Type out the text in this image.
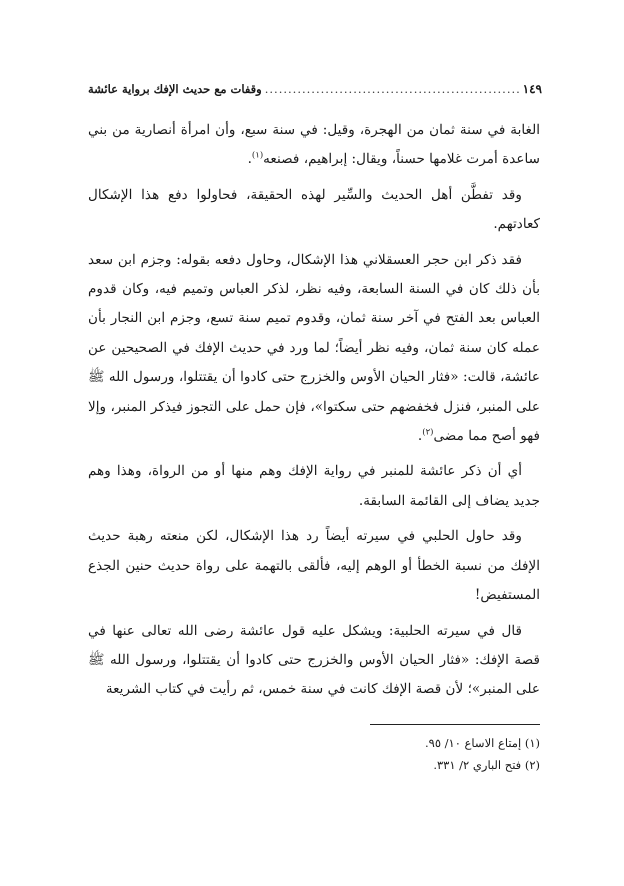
وقفات مع حديث الإفك برواية عائشة
.....	١٤٩

الغابة في سنة ثمان من الهجرة، وقيل: في سنة سبع، وأن امرأة أنصارية من بني ساعدة أمرت غلامها حسناً، ويقال: إبراهيم، فصنعه$^{(١)}$.

وقد تفطَّن أهل الحديث والسِّير لهذه الحقيقة، فحاولوا دفع هذا الإشكال كعادتهم.

فقد ذكر ابن حجر العسقلاني هذا الإشكال، وحاول دفعه بقوله: وجزم ابن سعد بأن ذلك كان في السنة السابعة، وفيه نظر، لذكر العباس وتميم فيه، وكان قدوم العباس بعد الفتح في آخر سنة ثمان، وقدوم تميم سنة تسع، وجزم ابن النجار بأن عمله كان سنة ثمان، وفيه نظر أيضاً؛ لما ورد في حديث الإفك في الصحيحين عن عائشة، قالت: «فثار الحيان الأوس والخزرج حتى كادوا أن يقتتلوا، ورسول الله ﷺ على المنبر، فنزل فخفضهم حتى سكتوا»، فإن حمل على التجوز فيذكر المنبر، وإلا فهو أصح مما مضى$^{(٢)}$.

أي أن ذكر عائشة للمنبر في رواية الإفك وهم منها أو من الرواة، وهذا وهم جديد يضاف إلى القائمة السابقة.

وقد حاول الحلبي في سيرته أيضاً رد هذا الإشكال، لكن منعته رهبة حديث الإفك من نسبة الخطأ أو الوهم إليه، فألقى بالتهمة على رواة حديث حنين الجذع المستفيض!

قال في سيرته الحلبية: ويشكل عليه قول عائشة رضى الله تعالى عنها في قصة الإفك: «فثار الحيان الأوس والخزرج حتى كادوا أن يقتتلوا، ورسول الله ﷺ على المنبر»؛ لأن قصة الإفك كانت في سنة خمس، ثم رأيت في كتاب الشريعة

(١) إمتاع الاساع ١٠/ ٩٥.
(٢) فتح الباري ٢/ ٣٣١.
